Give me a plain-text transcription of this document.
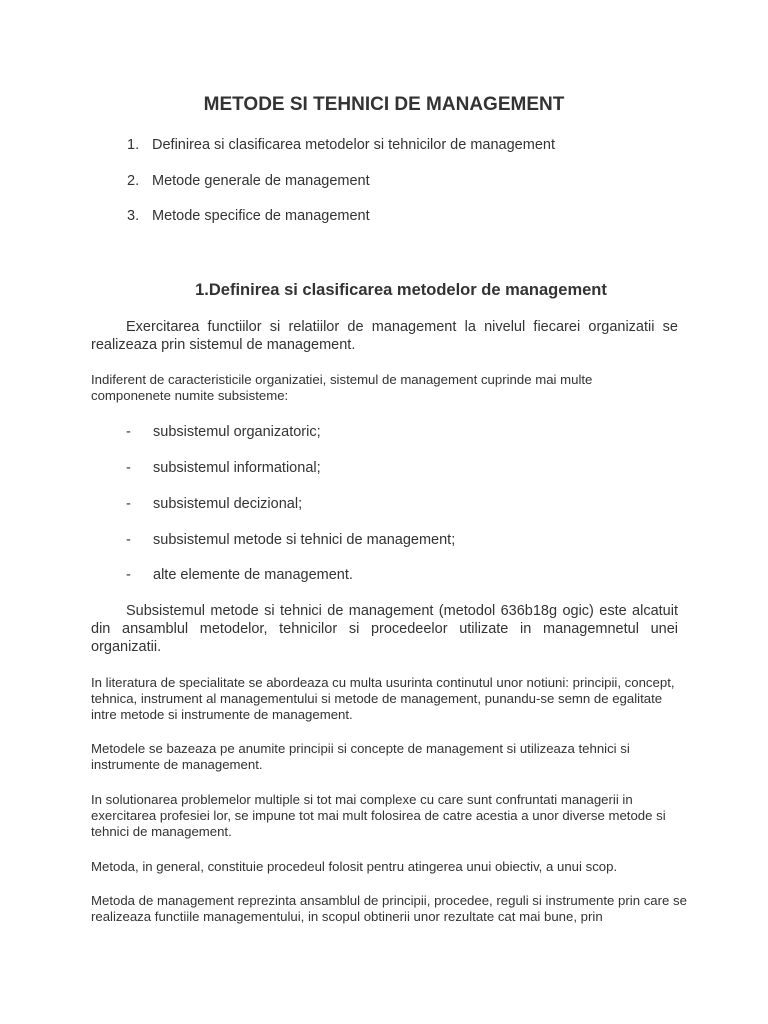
METODE SI TEHNICI DE MANAGEMENT
1. Definirea si clasificarea metodelor si tehnicilor de management
2. Metode generale de management
3. Metode specifice de management
1.Definirea si clasificarea metodelor de management

Exercitarea functiilor si relatiilor de management la nivelul fiecarei organizatii se realizeaza prin sistemul de management.

Indiferent de caracteristicile organizatiei, sistemul de management cuprinde mai multe componenete numite subsisteme:

- subsistemul organizatoric;
- subsistemul informational;
- subsistemul decizional;
- subsistemul metode si tehnici de management;
- alte elemente de management.

Subsistemul metode si tehnici de management (metodol 636b18g ogic) este alcatuit din ansamblul metodelor, tehnicilor si procedeelor utilizate in managemnetul unei organizatii.

In literatura de specialitate se abordeaza cu multa usurinta continutul unor notiuni: principii, concept, tehnica, instrument al managementului si metode de management, punandu-se semn de egalitate intre metode si instrumente de management.

Metodele se bazeaza pe anumite principii si concepte de management si utilizeaza tehnici si instrumente de management.

In solutionarea problemelor multiple si tot mai complexe cu care sunt confruntati managerii in exercitarea profesiei lor, se impune tot mai mult folosirea de catre acestia a unor diverse metode si tehnici de management.

Metoda, in general, constituie procedeul folosit pentru atingerea unui obiectiv, a unui scop.

Metoda de management reprezinta ansamblul de principii, procedee, reguli si instrumente prin care se realizeaza functiile managementului, in scopul obtinerii unor rezultate cat mai bune, prin
